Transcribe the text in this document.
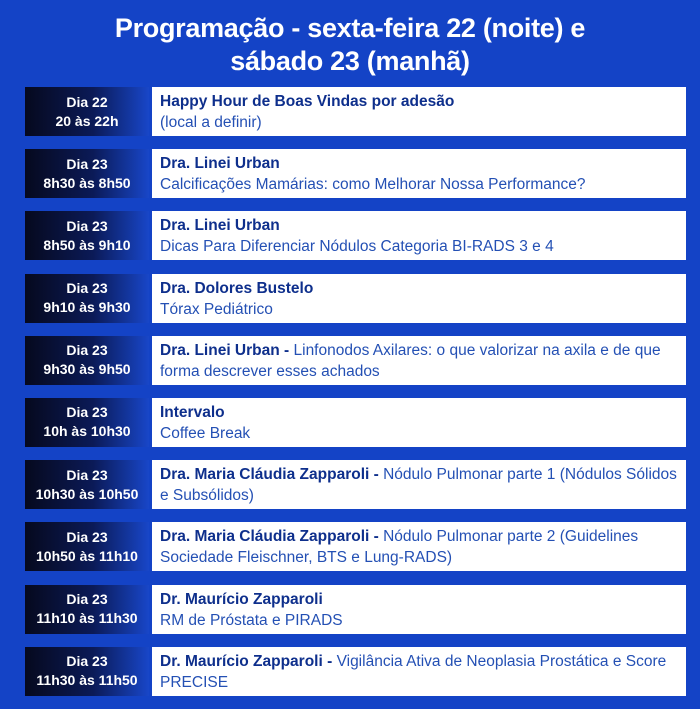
Programação - sexta-feira 22 (noite) e
sábado 23 (manhã)
Dia 22
20 às 22h
Happy Hour de Boas Vindas por adesão
(local a definir)
Dia 23
8h30 às 8h50
Dra. Linei Urban
Calcificações Mamárias: como Melhorar Nossa Performance?
Dia 23
8h50 às 9h10
Dra. Linei Urban
Dicas Para Diferenciar Nódulos Categoria BI-RADS 3 e 4
Dia 23
9h10 às 9h30
Dra. Dolores Bustelo
Tórax Pediátrico
Dia 23
9h30 às 9h50
Dra. Linei Urban - Linfonodos Axilares: o que valorizar na axila e de que forma descrever esses achados
Dia 23
10h às 10h30
Intervalo
Coffee Break
Dia 23
10h30 às 10h50
Dra. Maria Cláudia Zapparoli - Nódulo Pulmonar parte 1 (Nódulos Sólidos e Subsólidos)
Dia 23
10h50 às 11h10
Dra. Maria Cláudia Zapparoli - Nódulo Pulmonar parte 2 (Guidelines Sociedade Fleischner, BTS e Lung-RADS)
Dia 23
11h10 às 11h30
Dr. Maurício Zapparoli
RM de Próstata e PIRADS
Dia 23
11h30 às 11h50
Dr. Maurício Zapparoli - Vigilância Ativa de Neoplasia Prostática e Score PRECISE
